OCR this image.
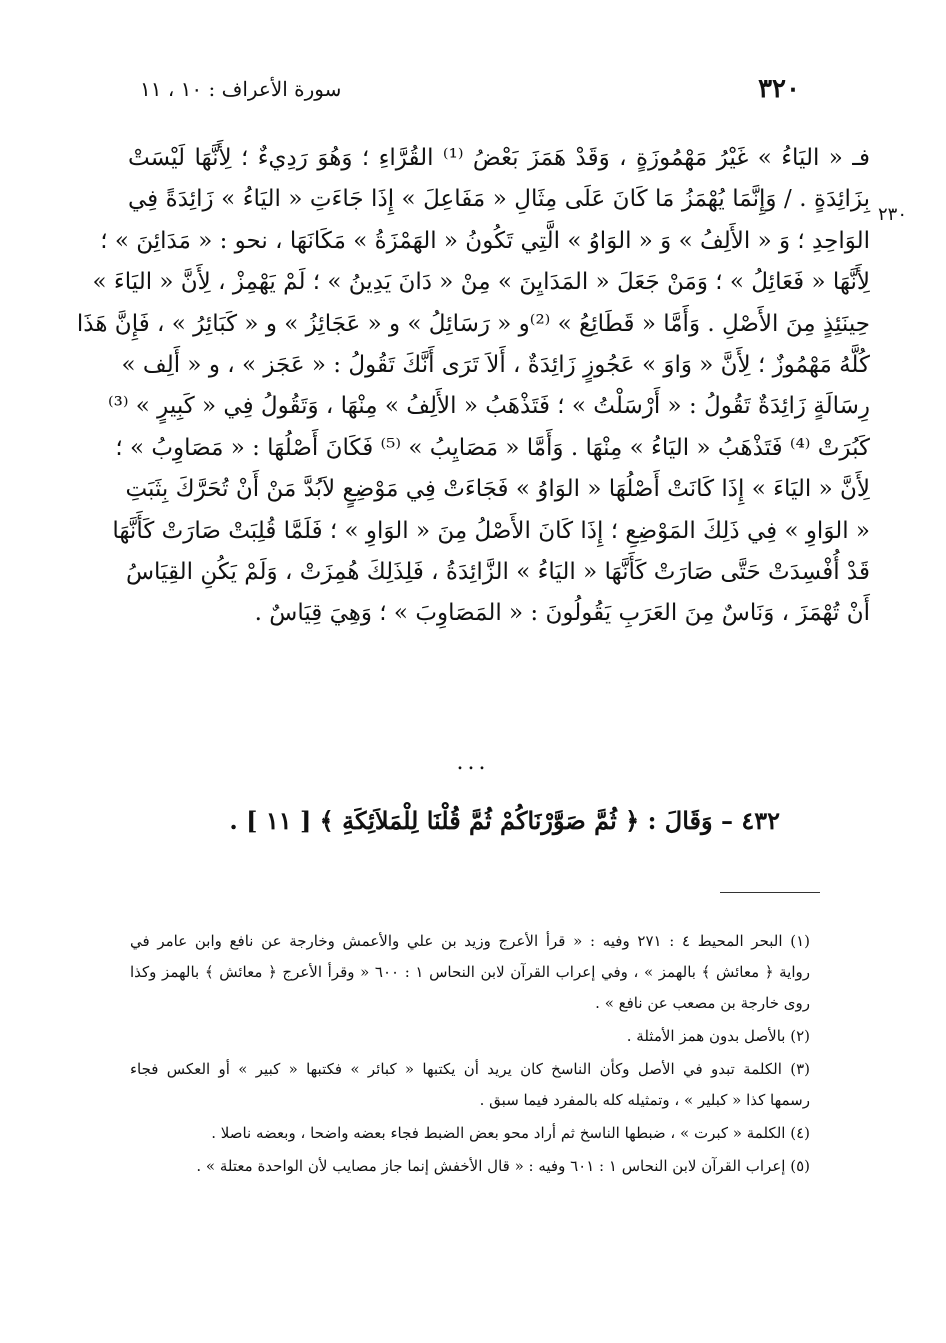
٣٢٠
سورة الأعراف : ١٠ ، ١١
٢٣٠

فـ « اليَاءُ » غَيْرُ مَهْمُوزَةٍ ، وَقَدْ هَمَزَ بَعْضُ ⁽¹⁾ القُرَّاءِ ؛ وَهُوَ رَدِيءٌ ؛ لِأَنَّهَا لَيْسَتْ
بِزَائِدَةٍ . / وَإِنَّمَا يُهْمَزُ مَا كَانَ عَلَى مِثَالِ « مَفَاعِلَ » إِذَا جَاءَتِ « اليَاءُ » زَائِدَةً فِي
الوَاحِدِ ؛ وَ « الأَلِفُ » وَ « الوَاوُ » الَّتِي تَكُونُ « الهَمْزَةُ » مَكَانَهَا ، نحو : « مَدَائِنَ » ؛
لِأَنَّهَا « فَعَائِلُ » ؛ وَمَنْ جَعَلَ « المَدَايِنَ » مِنْ « دَانَ يَدِينُ » ؛ لَمْ يَهْمِزْ ، لِأَنَّ « اليَاءَ »
حِينَئِذٍ مِنَ الأَصْلِ . وَأَمَّا « قَطَائِعُ » ⁽²⁾و « رَسَائِلُ » و « عَجَائِزُ » و « كَبَائِرُ » ، فَإِنَّ هَذَا
كُلَّهُ مَهْمُوزٌ ؛ لِأَنَّ « وَاوَ » عَجُوزٍ زَائِدَةٌ ، أَلاَ تَرَى أَنَّكَ تَقُولُ : « عَجَز » ، و « أَلِف »
رِسَالَةٍ زَائِدَةٌ تَقُولُ : « أَرْسَلْتُ » ؛ فَتَذْهَبُ « الأَلِفُ » مِنْهَا ، وَتَقُولُ فِي « كَبِيرٍ » ⁽³⁾
كَبُرَتْ ⁽⁴⁾ فَتَذْهَبُ « اليَاءُ » مِنْهَا . وَأَمَّا « مَصَايِبُ » ⁽⁵⁾ فَكَانَ أَصْلُهَا : « مَصَاوِبُ » ؛
لِأَنَّ « اليَاءَ » إِذَا كَانَتْ أَصْلُهَا « الوَاوُ » فَجَاءَتْ فِي مَوْضِعٍ لاَبُدَّ مَنْ أَنْ تُحَرَّكَ بِثَبَتِ
« الوَاوِ » فِي ذَلِكَ المَوْضِعِ ؛ إِذَا كَانَ الأَصْلُ مِنَ « الوَاوِ » ؛ فَلَمَّا قُلِبَتْ صَارَتْ كَأَنَّهَا
قَدْ أُفْسِدَتْ حَتَّى صَارَتْ كَأَنَّهَا « اليَاءُ » الزَّائِدَةُ ، فَلِذَلِكَ هُمِزَتْ ، وَلَمْ يَكُنِ القِيَاسُ
أَنْ تُهْمَزَ ، وَنَاسٌ مِنَ العَرَبِ يَقُولُونَ : « المَصَاوِبَ » ؛ وَهِيَ قِيَاسٌ .

...
٤٣٢ – وَقَالَ : ﴿ ثُمَّ صَوَّرْنَاكُمْ ثُمَّ قُلْنَا لِلْمَلاَئِكَةِ ﴾ [ ١١ ] .
(١) البحر المحيط ٤ : ٢٧١ وفيه : « قرأ الأعرج وزيد بن علي والأعمش وخارجة عن نافع وابن عامر في
رواية ﴿ معائش ﴾ بالهمز » ، وفي إعراب القرآن لابن النحاس ١ : ٦٠٠ « وقرأ الأعرج ﴿ معائش ﴾ بالهمز وكذا
روى خارجة بن مصعب عن نافع » .
(٢) بالأصل بدون همز الأمثلة .
(٣) الكلمة تبدو في الأصل وكأن الناسخ كان يريد أن يكتبها « كبائر » فكتبها « كبير » أو العكس فجاء
رسمها كذا « كبلير » ، وتمثيله كله بالمفرد فيما سبق .
(٤) الكلمة « كبرت » ، ضبطها الناسخ ثم أراد محو بعض الضبط فجاء بعضه واضحا ، وبعضه ناصلا .
(٥) إعراب القرآن لابن النحاس ١ : ٦٠١ وفيه : « قال الأخفش إنما جاز مصايب لأن الواحدة معتلة » .
